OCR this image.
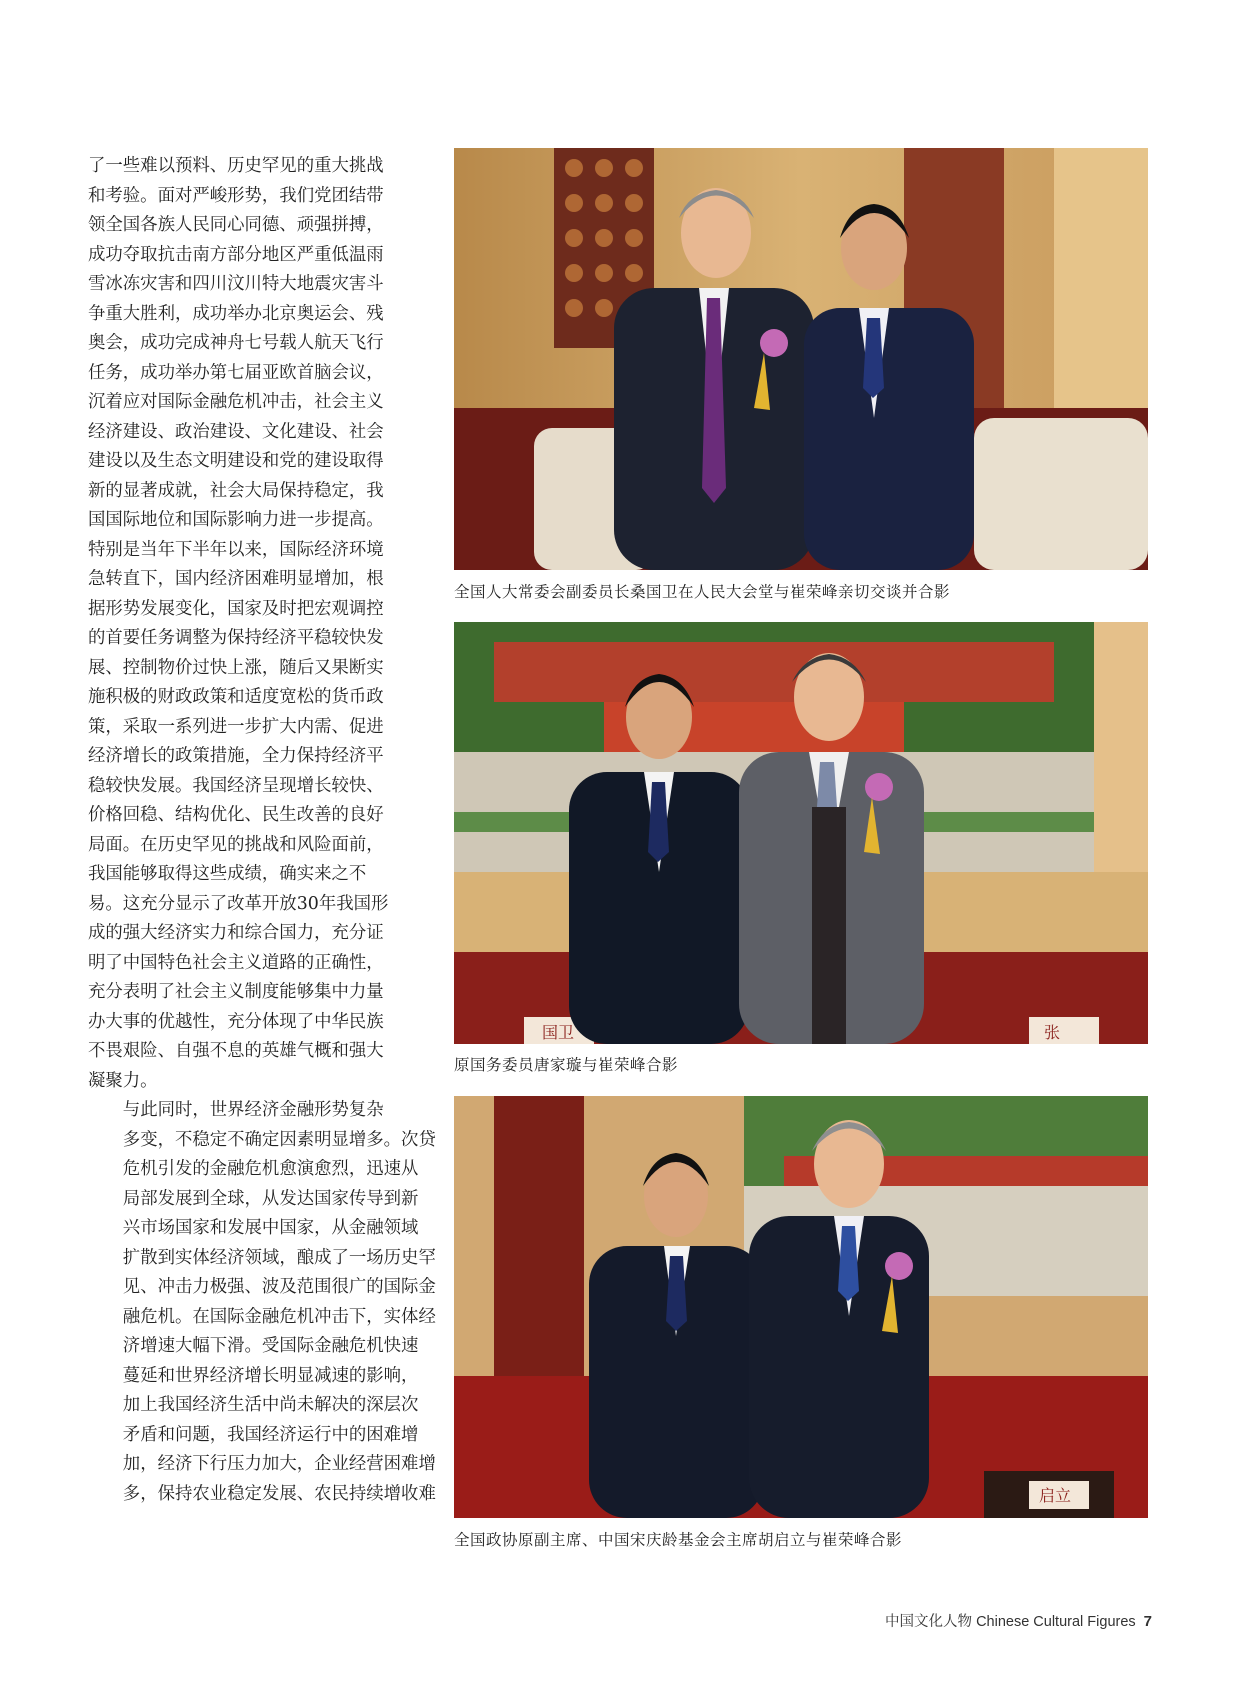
了一些难以预料、历史罕见的重大挑战
和考验。面对严峻形势，我们党团结带
领全国各族人民同心同德、顽强拼搏，
成功夺取抗击南方部分地区严重低温雨
雪冰冻灾害和四川汶川特大地震灾害斗
争重大胜利，成功举办北京奥运会、残
奥会，成功完成神舟七号载人航天飞行
任务，成功举办第七届亚欧首脑会议，
沉着应对国际金融危机冲击，社会主义
经济建设、政治建设、文化建设、社会
建设以及生态文明建设和党的建设取得
新的显著成就，社会大局保持稳定，我
国国际地位和国际影响力进一步提高。
特别是当年下半年以来，国际经济环境
急转直下，国内经济困难明显增加，根
据形势发展变化，国家及时把宏观调控
的首要任务调整为保持经济平稳较快发
展、控制物价过快上涨，随后又果断实
施积极的财政政策和适度宽松的货币政
策，采取一系列进一步扩大内需、促进
经济增长的政策措施，全力保持经济平
稳较快发展。我国经济呈现增长较快、
价格回稳、结构优化、民生改善的良好
局面。在历史罕见的挑战和风险面前，
我国能够取得这些成绩，确实来之不
易。这充分显示了改革开放30年我国形
成的强大经济实力和综合国力，充分证
明了中国特色社会主义道路的正确性，
充分表明了社会主义制度能够集中力量
办大事的优越性，充分体现了中华民族
不畏艰险、自强不息的英雄气概和强大
凝聚力。

与此同时，世界经济金融形势复杂
多变，不稳定不确定因素明显增多。次贷
危机引发的金融危机愈演愈烈，迅速从
局部发展到全球，从发达国家传导到新
兴市场国家和发展中国家，从金融领域
扩散到实体经济领域，酿成了一场历史罕
见、冲击力极强、波及范围很广的国际金
融危机。在国际金融危机冲击下，实体经
济增速大幅下滑。受国际金融危机快速
蔓延和世界经济增长明显减速的影响，
加上我国经济生活中尚未解决的深层次
矛盾和问题，我国经济运行中的困难增
加，经济下行压力加大，企业经营困难增
多，保持农业稳定发展、农民持续增收难

全国人大常委会副委员长桑国卫在人民大会堂与崔荣峰亲切交谈并合影
国卫	张
原国务委员唐家璇与崔荣峰合影
启立
全国政协原副主席、中国宋庆龄基金会主席胡启立与崔荣峰合影
中国文化人物 Chinese Cultural Figures 7
